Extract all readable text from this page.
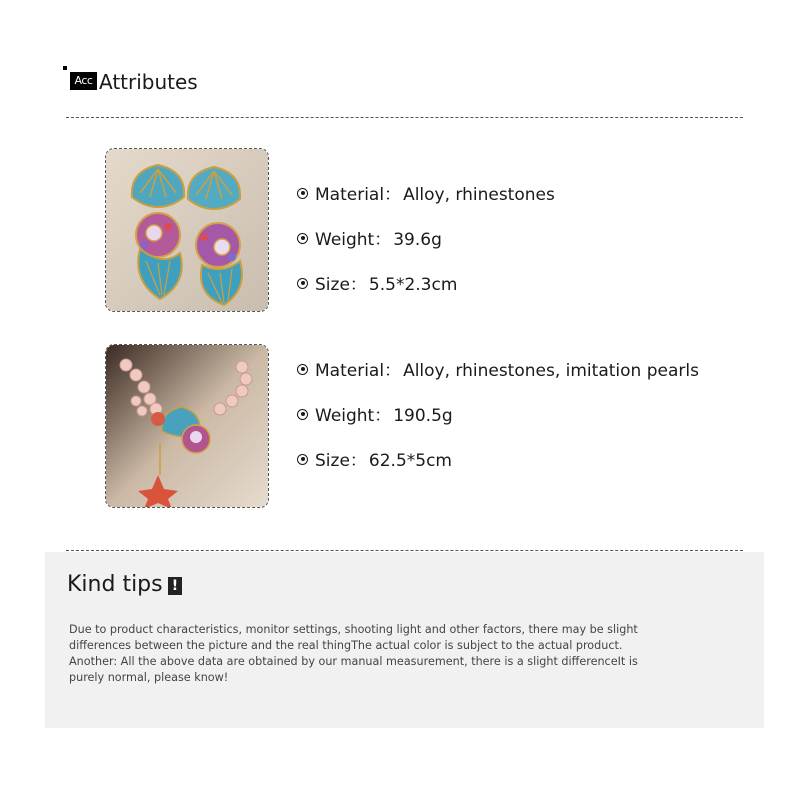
Acc Attributes
Material： Alloy, rhinestones
Weight： 39.6g
Size： 5.5*2.3cm
Material： Alloy, rhinestones, imitation pearls
Weight： 190.5g
Size： 62.5*5cm
Kind tips !

Due to product characteristics, monitor settings, shooting light and other factors, there may be slight

differences between the picture and the real thingThe actual color is subject to the actual product.

Another: All the above data are obtained by our manual measurement, there is a slight differenceIt is

purely normal, please know!
